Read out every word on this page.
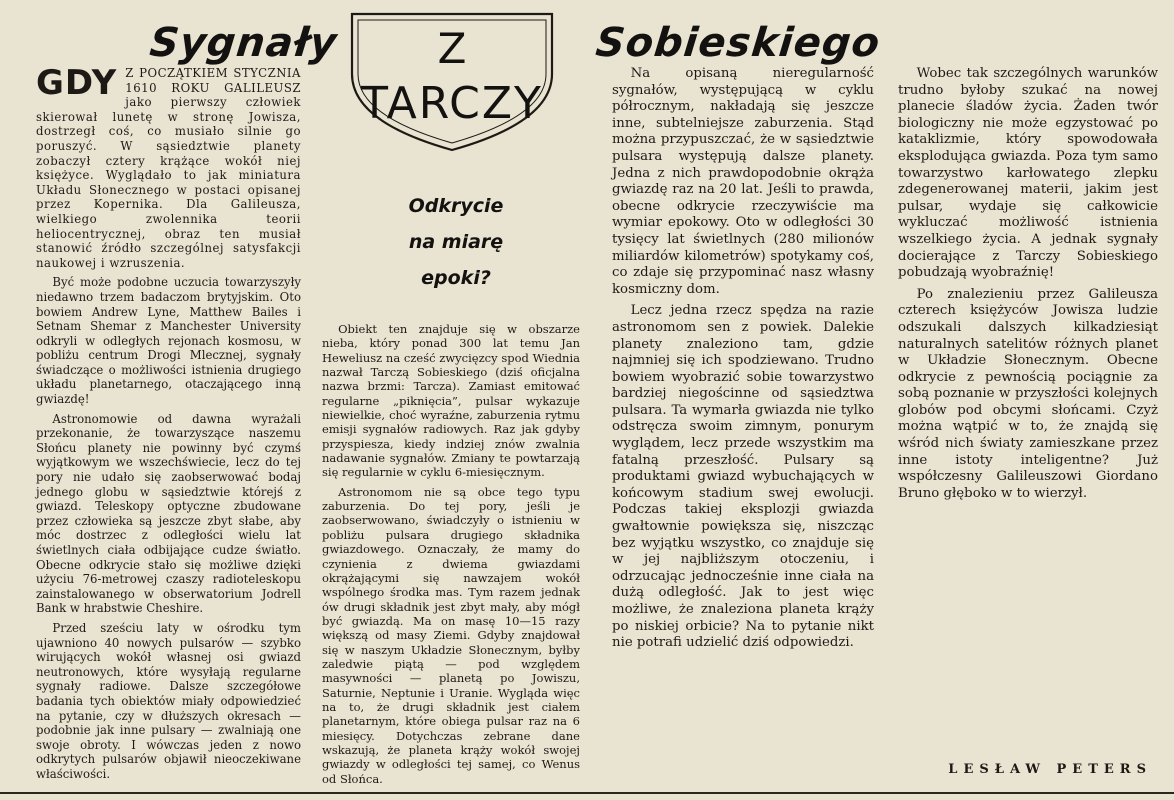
Sygnały	Z
TARCZY
Sobieskiego
Odkrycie
na miarę
epoki?

GDY Z POCZĄTKIEM STYCZNIA 1610 ROKU GALILEUSZ jako pierwszy człowiek skierował lunetę w stronę Jowisza, dostrzegł coś, co musiało silnie go poruszyć. W sąsiedztwie planety zobaczył cztery krążące wokół niej księżyce. Wyglądało to jak miniatura Układu Słonecznego w postaci opisanej przez Kopernika. Dla Galileusza, wielkiego zwolennika teorii heliocentrycznej, obraz ten musiał stanowić źródło szczególnej satysfakcji naukowej i wzruszenia.

Być może podobne uczucia towarzyszyły niedawno trzem badaczom brytyjskim. Oto bowiem Andrew Lyne, Matthew Bailes i Setnam Shemar z Manchester University odkryli w odległych rejonach kosmosu, w pobliżu centrum Drogi Mlecznej, sygnały świadczące o możliwości istnienia drugiego układu planetarnego, otaczającego inną gwiazdę!

Astronomowie od dawna wyrażali przekonanie, że towarzyszące naszemu Słońcu planety nie powinny być czymś wyjątkowym we wszechświecie, lecz do tej pory nie udało się zaobserwować bodaj jednego globu w sąsiedztwie którejś z gwiazd. Teleskopy optyczne zbudowane przez człowieka są jeszcze zbyt słabe, aby móc dostrzec z odległości wielu lat świetlnych ciała odbijające cudze światło. Obecne odkrycie stało się możliwe dzięki użyciu 76-metrowej czaszy radioteleskopu zainstalowanego w obserwatorium Jodrell Bank w hrabstwie Cheshire.

Przed sześciu laty w ośrodku tym ujawniono 40 nowych pulsarów — szybko wirujących wokół własnej osi gwiazd neutronowych, które wysyłają regularne sygnały radiowe. Dalsze szczegółowe badania tych obiektów miały odpowiedzieć na pytanie, czy w dłuższych okresach — podobnie jak inne pulsary — zwalniają one swoje obroty. I wówczas jeden z nowo odkrytych pulsarów objawił nieoczekiwane właściwości.

Obiekt ten znajduje się w obszarze nieba, który ponad 300 lat temu Jan Heweliusz na cześć zwycięzcy spod Wiednia nazwał Tarczą Sobieskiego (dziś oficjalna nazwa brzmi: Tarcza). Zamiast emitować regularne „piknięcia”, pulsar wykazuje niewielkie, choć wyraźne, zaburzenia rytmu emisji sygnałów radiowych. Raz jak gdyby przyspiesza, kiedy indziej znów zwalnia nadawanie sygnałów. Zmiany te powtarzają się regularnie w cyklu 6-miesięcznym.

Astronomom nie są obce tego typu zaburzenia. Do tej pory, jeśli je zaobserwowano, świadczyły o istnieniu w pobliżu pulsara drugiego składnika gwiazdowego. Oznaczały, że mamy do czynienia z dwiema gwiazdami okrążającymi się nawzajem wokół wspólnego środka mas. Tym razem jednak ów drugi składnik jest zbyt mały, aby mógł być gwiazdą. Ma on masę 10—15 razy większą od masy Ziemi. Gdyby znajdował się w naszym Układzie Słonecznym, byłby zaledwie piątą — pod względem masywności — planetą po Jowiszu, Saturnie, Neptunie i Uranie. Wygląda więc na to, że drugi składnik jest ciałem planetarnym, które obiega pulsar raz na 6 miesięcy. Dotychczas zebrane dane wskazują, że planeta krąży wokół swojej gwiazdy w odległości tej samej, co Wenus od Słońca.

Na opisaną nieregularność sygnałów, występującą w cyklu półrocznym, nakładają się jeszcze inne, subtelniejsze zaburzenia. Stąd można przypuszczać, że w sąsiedztwie pulsara występują dalsze planety. Jedna z nich prawdopodobnie okrąża gwiazdę raz na 20 lat. Jeśli to prawda, obecne odkrycie rzeczywiście ma wymiar epokowy. Oto w odległości 30 tysięcy lat świetlnych (280 milionów miliardów kilometrów) spotykamy coś, co zdaje się przypominać nasz własny kosmiczny dom.

Lecz jedna rzecz spędza na razie astronomom sen z powiek. Dalekie planety znaleziono tam, gdzie najmniej się ich spodziewano. Trudno bowiem wyobrazić sobie towarzystwo bardziej niegościnne od sąsiedztwa pulsara. Ta wymarła gwiazda nie tylko odstręcza swoim zimnym, ponurym wyglądem, lecz przede wszystkim ma fatalną przeszłość. Pulsary są produktami gwiazd wybuchających w końcowym stadium swej ewolucji. Podczas takiej eksplozji gwiazda gwałtownie powiększa się, niszcząc bez wyjątku wszystko, co znajduje się w jej najbliższym otoczeniu, i odrzucając jednocześnie inne ciała na dużą odległość. Jak to jest więc możliwe, że znaleziona planeta krąży po niskiej orbicie? Na to pytanie nikt nie potrafi udzielić dziś odpowiedzi.

Wobec tak szczególnych warunków trudno byłoby szukać na nowej planecie śladów życia. Żaden twór biologiczny nie może egzystować po kataklizmie, który spowodowała eksplodująca gwiazda. Poza tym samo towarzystwo karłowatego zlepku zdegenerowanej materii, jakim jest pulsar, wydaje się całkowicie wykluczać możliwość istnienia wszelkiego życia. A jednak sygnały docierające z Tarczy Sobieskiego pobudzają wyobraźnię!

Po znalezieniu przez Galileusza czterech księżyców Jowisza ludzie odszukali dalszych kilkadziesiąt naturalnych satelitów różnych planet w Układzie Słonecznym. Obecne odkrycie z pewnością pociągnie za sobą poznanie w przyszłości kolejnych globów pod obcymi słońcami. Czyż można wątpić w to, że znajdą się wśród nich światy zamieszkane przez inne istoty inteligentne? Już współczesny Galileuszowi Giordano Bruno głęboko w to wierzył.

LESŁAW PETERS
